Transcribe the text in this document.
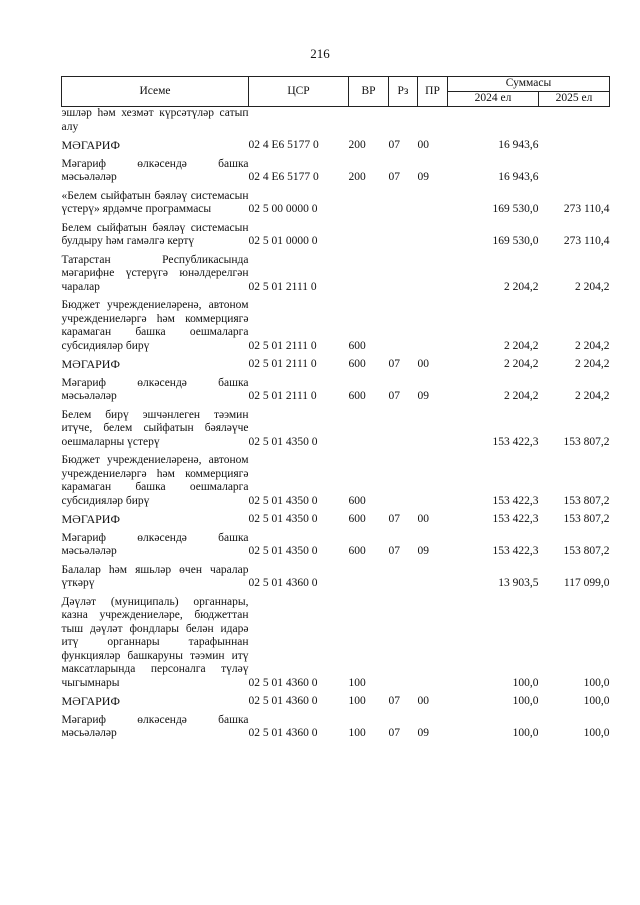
216
Исеме	ЦСР	ВР	Рз	ПР	Суммасы	
					2024 ел	2025 ел
эшләр һәм хезмәт күрсәтүләр сатып алу						
МӘГАРИФ	02 4 Е6 5177 0	200	07	00	16 943,6	
Мәгариф өлкәсендә башка мәсьәләләр	02 4 Е6 5177 0	200	07	09	16 943,6	
«Белем сыйфатын бәяләү системасын үстерү» ярдәмче программасы	02 5 00 0000 0				169 530,0	273 110,4
Белем сыйфатын бәяләү системасын булдыру һәм гамәлгә кертү	02 5 01 0000 0				169 530,0	273 110,4
Татарстан Республикасында мәгарифне үстерүгә юнәлдерелгән чаралар	02 5 01 2111 0				2 204,2	2 204,2
Бюджет учреждениеләренә, автоном учреждениеләргә һәм коммерциягә карамаган башка оешмаларга субсидияләр бирү	02 5 01 2111 0	600			2 204,2	2 204,2
МӘГАРИФ	02 5 01 2111 0	600	07	00	2 204,2	2 204,2
Мәгариф өлкәсендә башка мәсьәләләр	02 5 01 2111 0	600	07	09	2 204,2	2 204,2
Белем бирү эшчәнлеген тәэмин итүче, белем сыйфатын бәяләүче оешмаларны үстерү	02 5 01 4350 0				153 422,3	153 807,2
Бюджет учреждениеләренә, автоном учреждениеләргә һәм коммерциягә карамаган башка оешмаларга субсидияләр бирү	02 5 01 4350 0	600			153 422,3	153 807,2
МӘГАРИФ	02 5 01 4350 0	600	07	00	153 422,3	153 807,2
Мәгариф өлкәсендә башка мәсьәләләр	02 5 01 4350 0	600	07	09	153 422,3	153 807,2
Балалар һәм яшьләр өчен чаралар үткәрү	02 5 01 4360 0				13 903,5	117 099,0
Дәүләт (муниципаль) органнары, казна учреждениеләре, бюджеттан тыш дәүләт фондлары белән идарә итү органнары тарафыннан функцияләр башкаруны тәэмин итү максатларында персоналга түләү чыгымнары	02 5 01 4360 0	100			100,0	100,0
МӘГАРИФ	02 5 01 4360 0	100	07	00	100,0	100,0
Мәгариф өлкәсендә башка мәсьәләләр	02 5 01 4360 0	100	07	09	100,0	100,0
